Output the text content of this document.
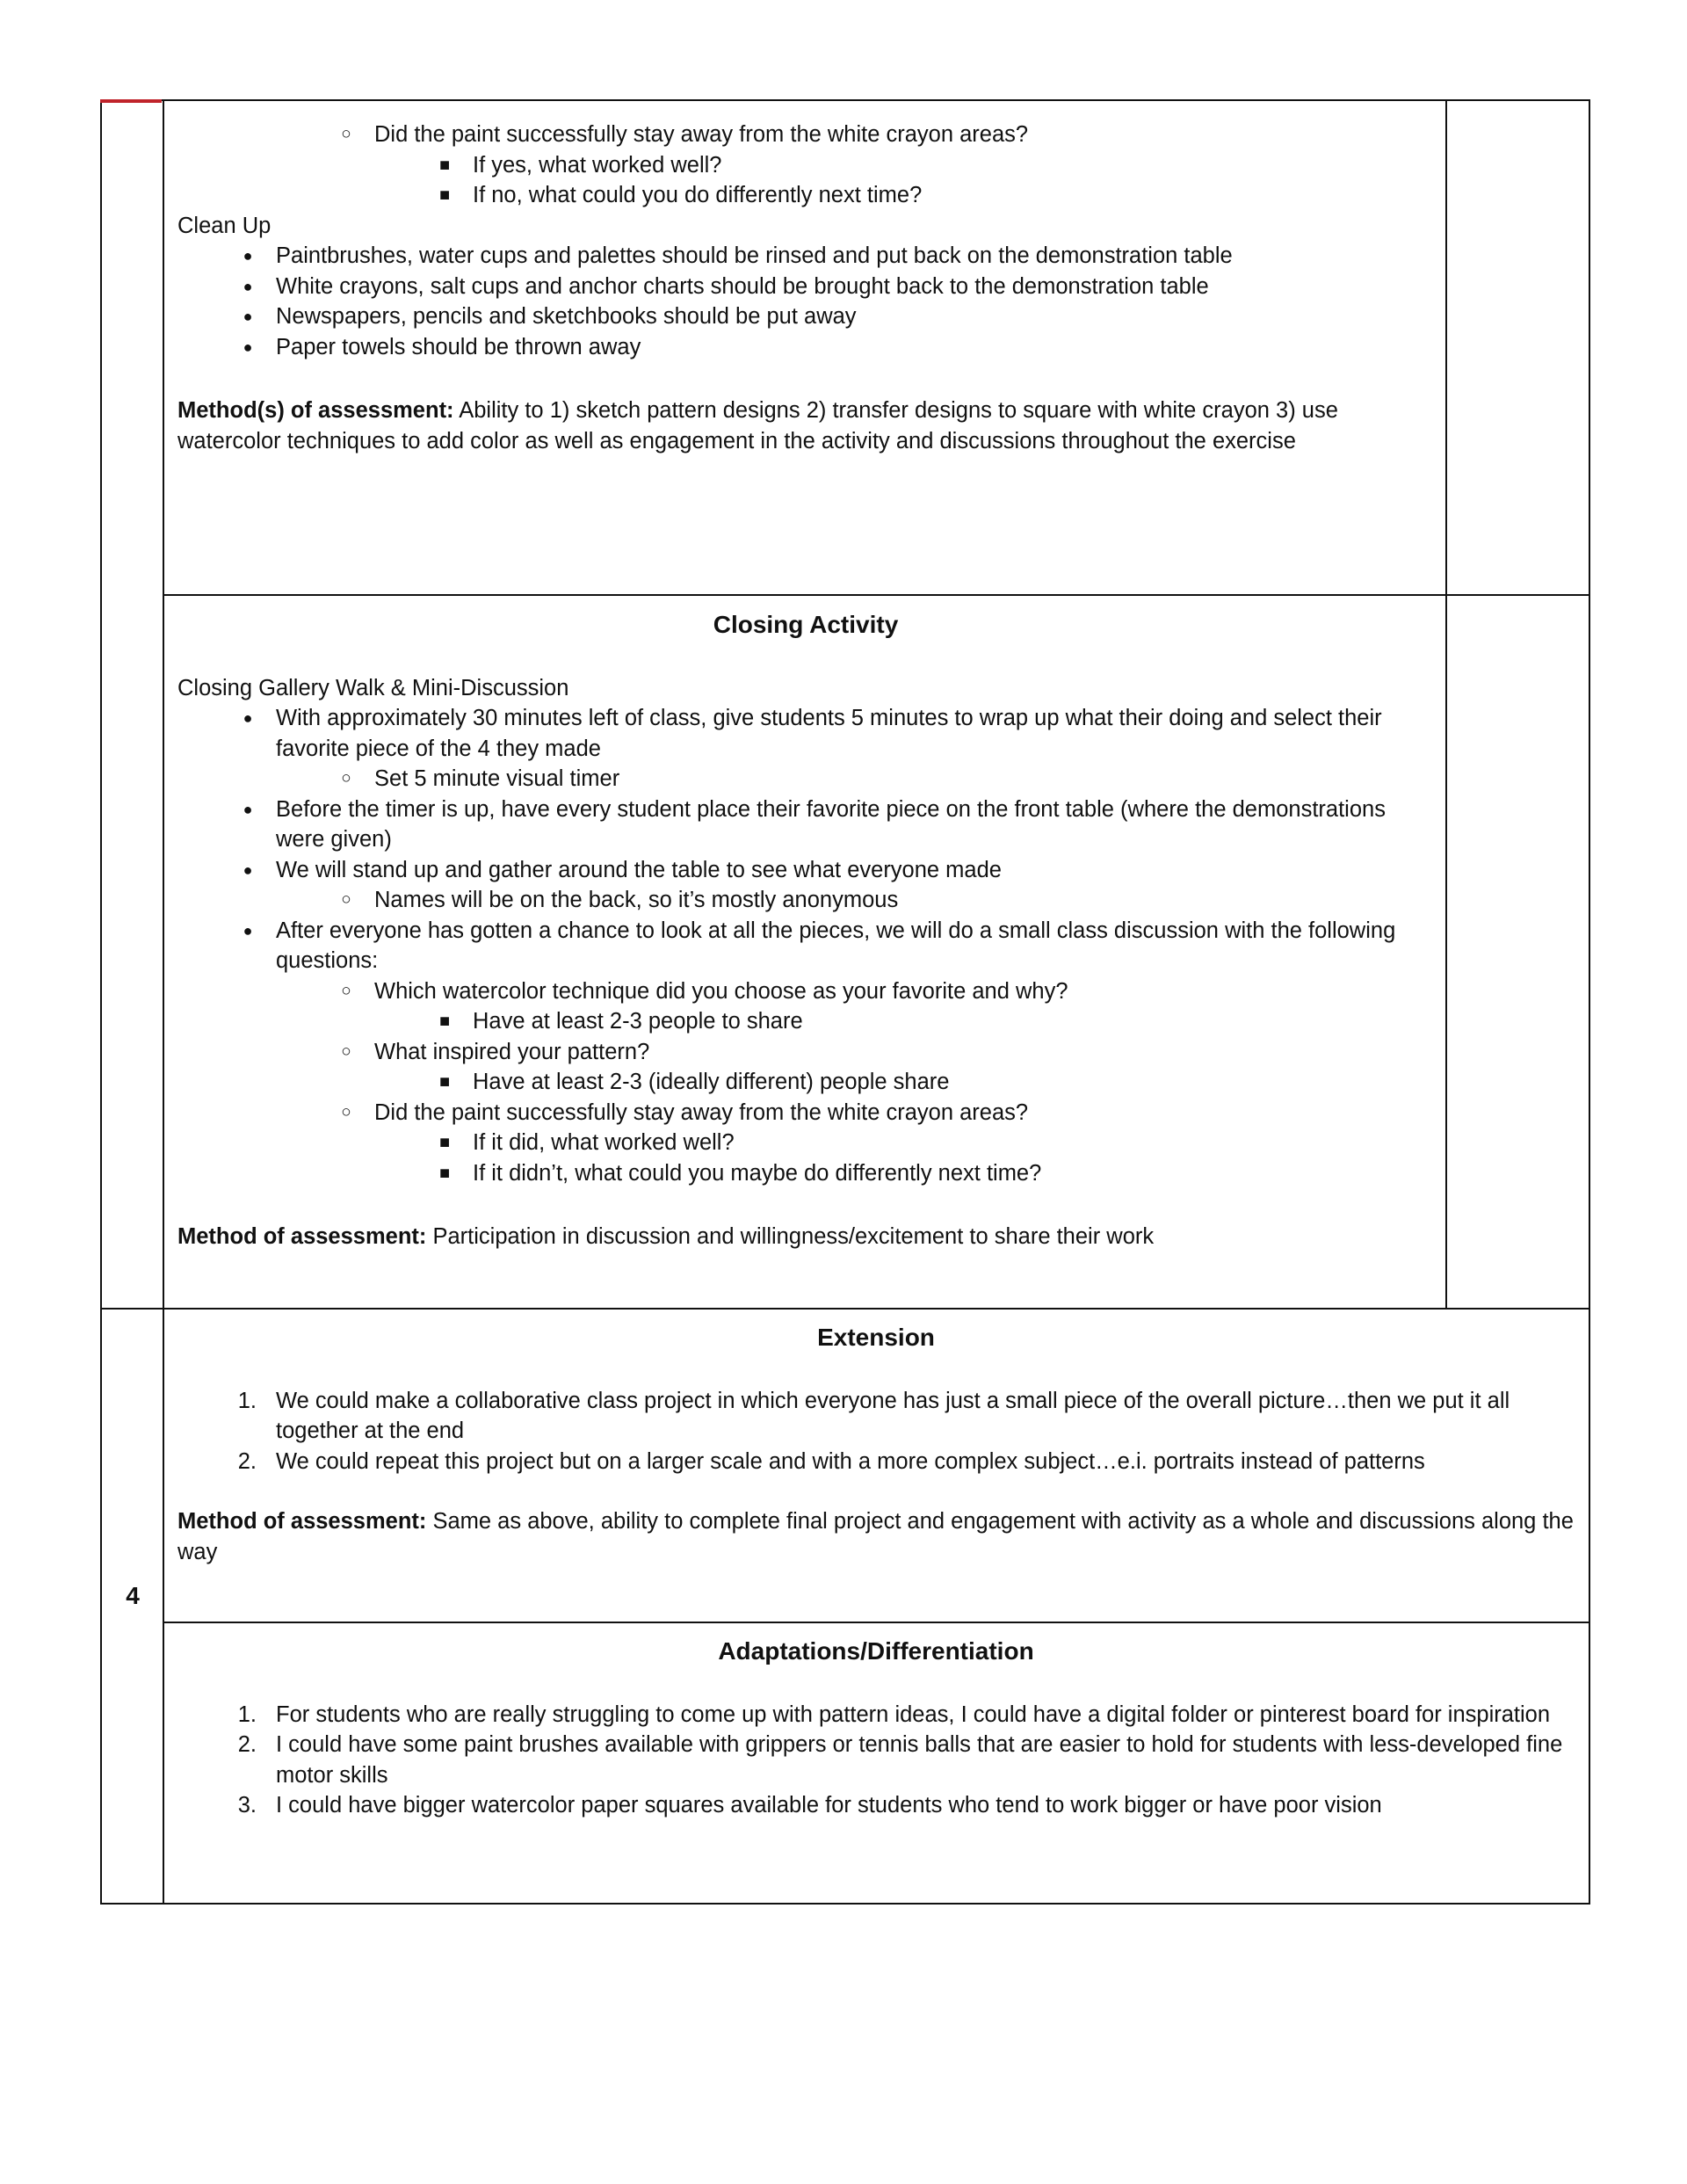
○	Did the paint successfully stay away from the white crayon areas?
■	If yes, what worked well?
■	If no, what could you do differently next time?

Clean Up

●	Paintbrushes, water cups and palettes should be rinsed and put back on the demonstration table
●	White crayons, salt cups and anchor charts should be brought back to the demonstration table
●	Newspapers, pencils and sketchbooks should be put away
●	Paper towels should be thrown away

Method(s) of assessment: Ability to 1) sketch pattern designs 2) transfer designs to square with white crayon 3) use watercolor techniques to add color as well as engagement in the activity and discussions throughout the exercise

Closing Activity

Closing Gallery Walk & Mini-Discussion

●	With approximately 30 minutes left of class, give students 5 minutes to wrap up what their doing and select their favorite piece of the 4 they made
○	Set 5 minute visual timer
●	Before the timer is up, have every student place their favorite piece on the front table (where the demonstrations were given)
●	We will stand up and gather around the table to see what everyone made
○	Names will be on the back, so it’s mostly anonymous
●	After everyone has gotten a chance to look at all the pieces, we will do a small class discussion with the following questions:
○	Which watercolor technique did you choose as your favorite and why?
■	Have at least 2-3 people to share
○	What inspired your pattern?
■	Have at least 2-3 (ideally different) people share
○	Did the paint successfully stay away from the white crayon areas?
■	If it did, what worked well?
■	If it didn’t, what could you maybe do differently next time?

Method of assessment: Participation in discussion and willingness/excitement to share their work

4
Extension
1. We could make a collaborative class project in which everyone has just a small piece of the overall picture…then we put it all together at the end
2. We could repeat this project but on a larger scale and with a more complex subject…e.i. portraits instead of patterns

Method of assessment: Same as above, ability to complete final project and engagement with activity as a whole and discussions along the way

Adaptations/Differentiation
1. For students who are really struggling to come up with pattern ideas, I could have a digital folder or pinterest board for inspiration
2. I could have some paint brushes available with grippers or tennis balls that are easier to hold for students with less-developed fine motor skills
3. I could have bigger watercolor paper squares available for students who tend to work bigger or have poor vision
